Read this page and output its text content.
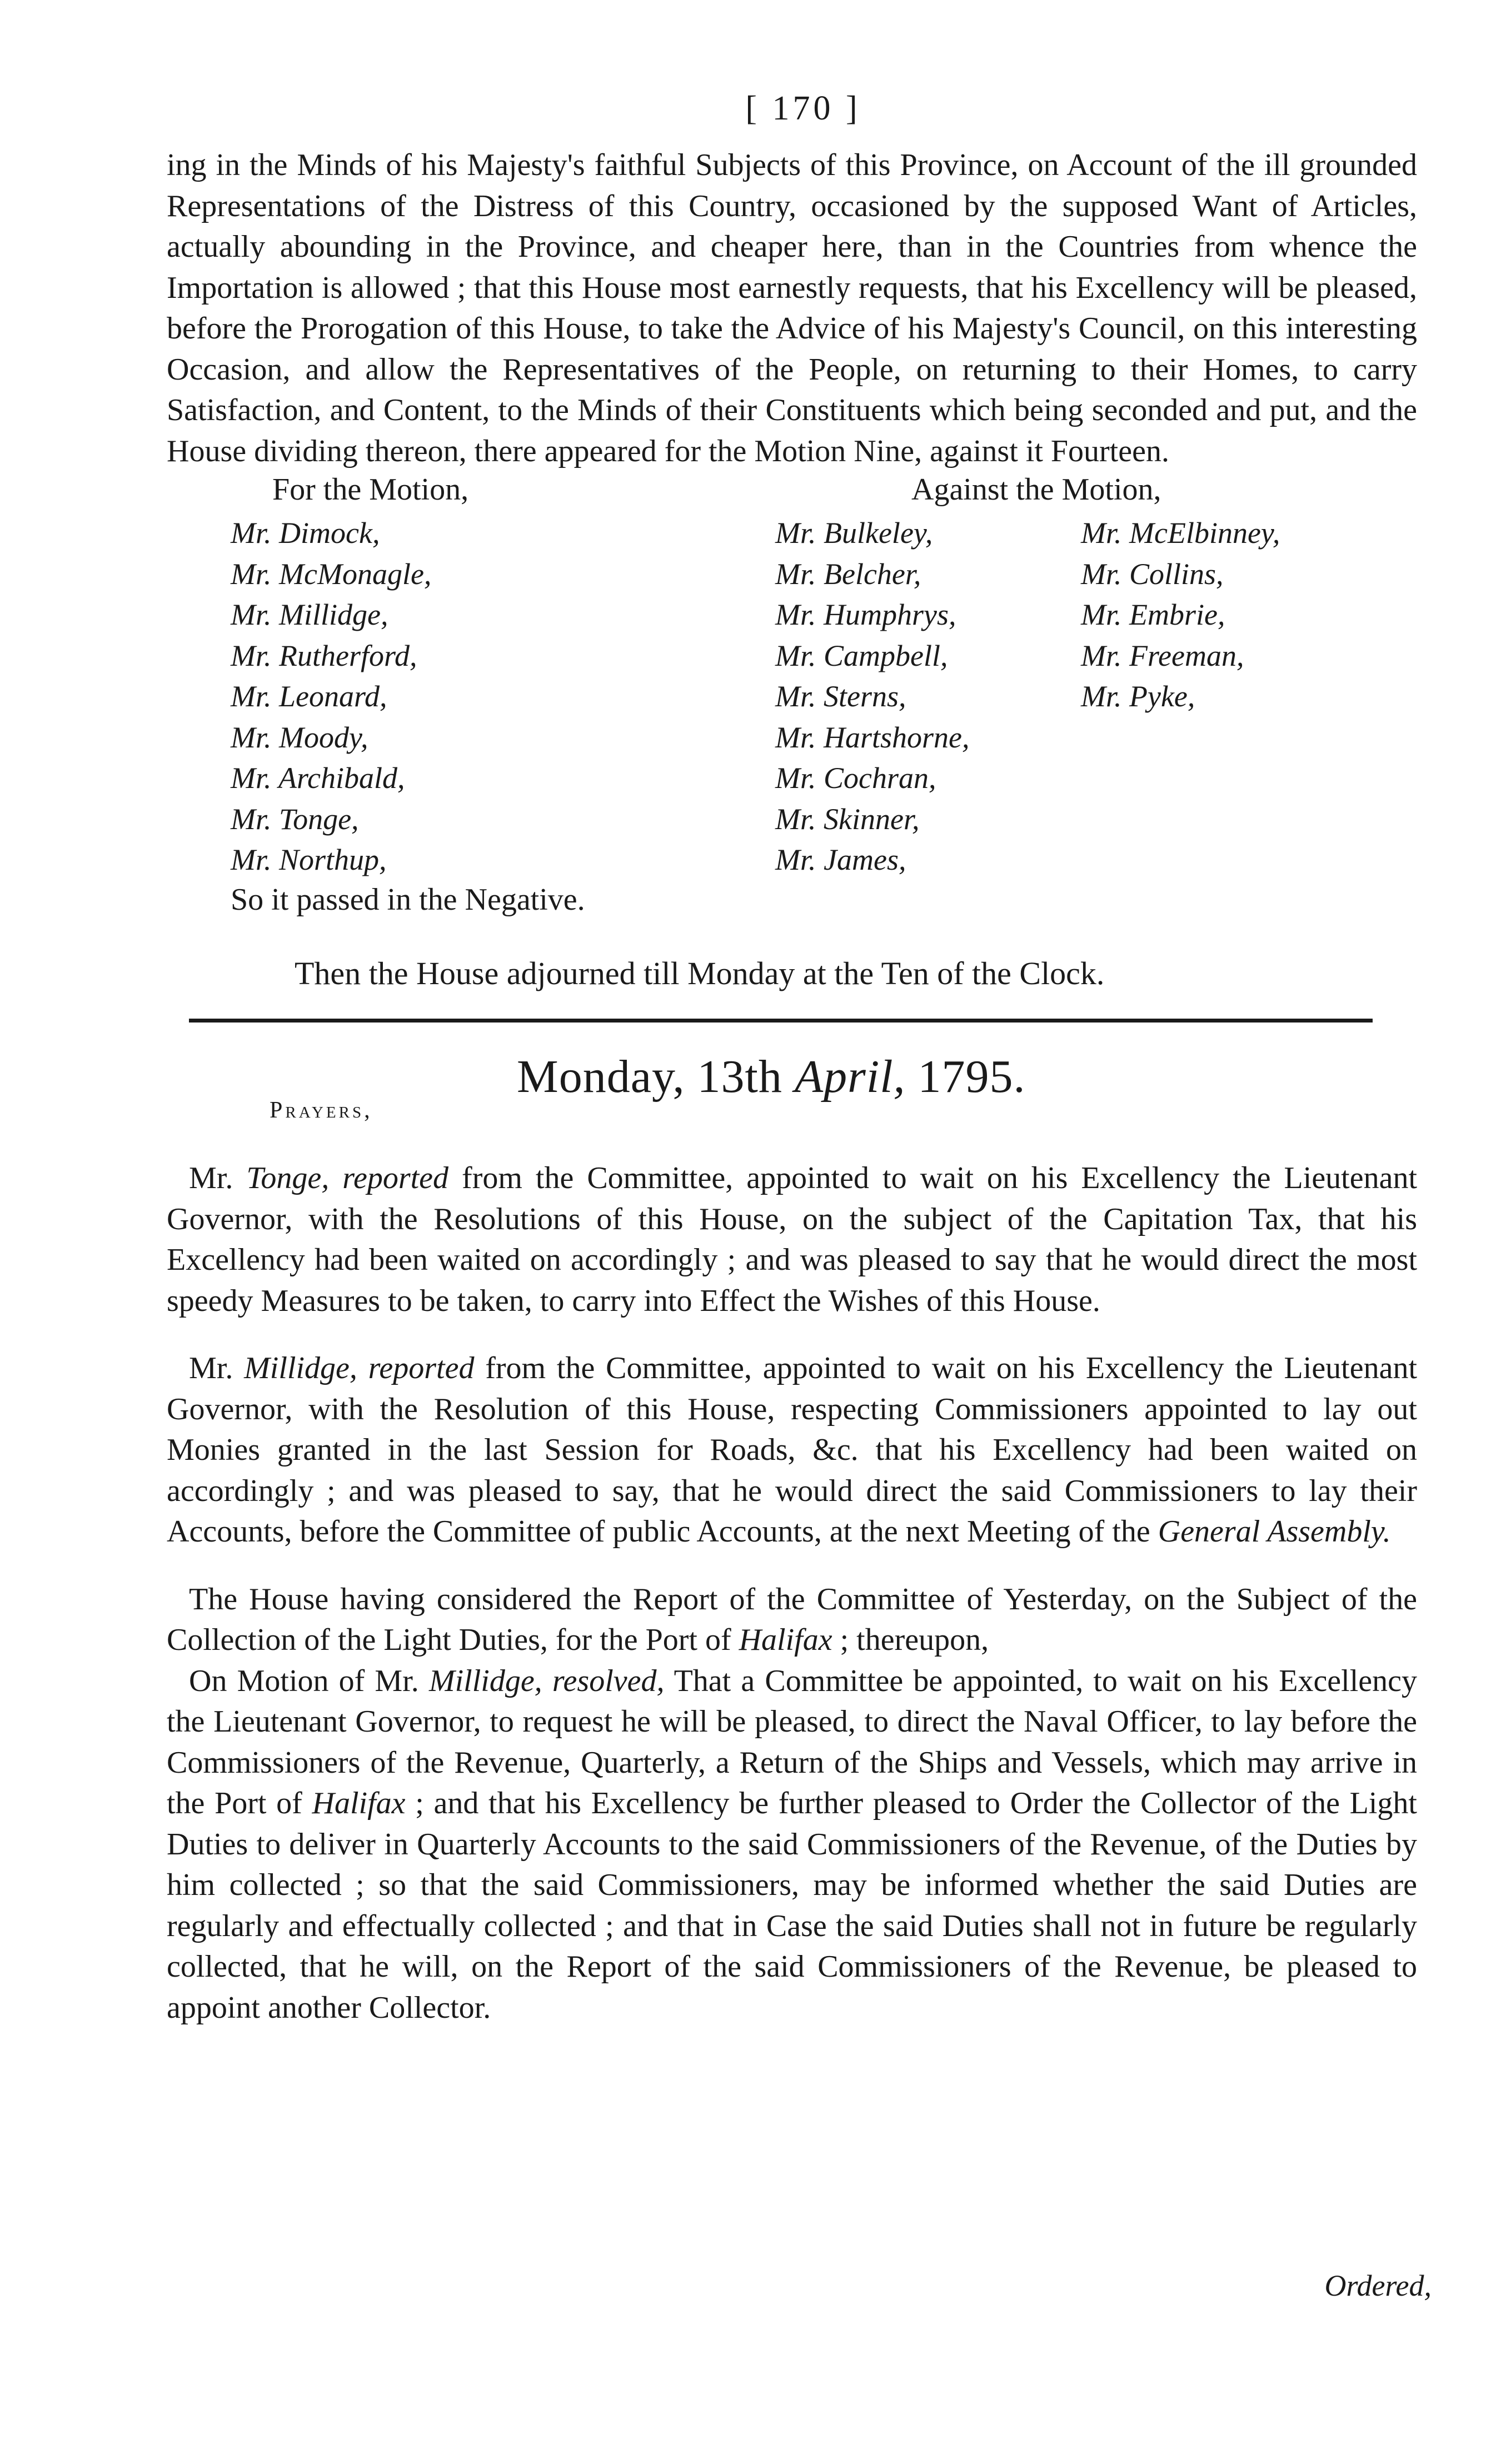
[ 170 ]

ing in the Minds of his Majesty's faithful Subjects of this Province, on Account of the ill grounded Representations of the Distress of this Country, occasioned by the supposed Want of Articles, actually abounding in the Province, and cheaper here, than in the Countries from whence the Importation is allowed ; that this House most earnestly requests, that his Excellency will be pleased, before the Prorogation of this House, to take the Advice of his Majesty's Council, on this interesting Occasion, and allow the Representatives of the People, on returning to their Homes, to carry Satisfaction, and Content, to the Minds of their Constituents which being seconded and put, and the House dividing thereon, there appeared for the Motion Nine, against it Fourteen.

For the Motion,	Against the Motion,
Mr. Dimock,
Mr. McMonagle,
Mr. Millidge,
Mr. Rutherford,
Mr. Leonard,
Mr. Moody,
Mr. Archibald,
Mr. Tonge,
Mr. Northup,
Mr. Bulkeley,
Mr. Belcher,
Mr. Humphrys,
Mr. Campbell,
Mr. Sterns,
Mr. Hartshorne,
Mr. Cochran,
Mr. Skinner,
Mr. James,
Mr. McElbinney,
Mr. Collins,
Mr. Embrie,
Mr. Freeman,
Mr. Pyke,
So it passed in the Negative.
Then the House adjourned till Monday at the Ten of the Clock.
Monday, 13th April, 1795.
Prayers,

Mr. Tonge, reported from the Committee, appointed to wait on his Excellency the Lieutenant Governor, with the Resolutions of this House, on the subject of the Capitation Tax, that his Excellency had been waited on accordingly ; and was pleased to say that he would direct the most speedy Measures to be taken, to carry into Effect the Wishes of this House.

Mr. Millidge, reported from the Committee, appointed to wait on his Excellency the Lieutenant Governor, with the Resolution of this House, respecting Commissioners appointed to lay out Monies granted in the last Session for Roads, &c. that his Excellency had been waited on accordingly ; and was pleased to say, that he would direct the said Commissioners to lay their Accounts, before the Committee of public Accounts, at the next Meeting of the General Assembly.

The House having considered the Report of the Committee of Yesterday, on the Subject of the Collection of the Light Duties, for the Port of Halifax ; thereupon,

On Motion of Mr. Millidge, resolved, That a Committee be appointed, to wait on his Excellency the Lieutenant Governor, to request he will be pleased, to direct the Naval Officer, to lay before the Commissioners of the Revenue, Quarterly, a Return of the Ships and Vessels, which may arrive in the Port of Halifax ; and that his Excellency be further pleased to Order the Collector of the Light Duties to deliver in Quarterly Accounts to the said Commissioners of the Revenue, of the Duties by him collected ; so that the said Commissioners, may be informed whether the said Duties are regularly and effectually collected ; and that in Case the said Duties shall not in future be regularly collected, that he will, on the Report of the said Commissioners of the Revenue, be pleased to appoint another Collector.

Ordered,
